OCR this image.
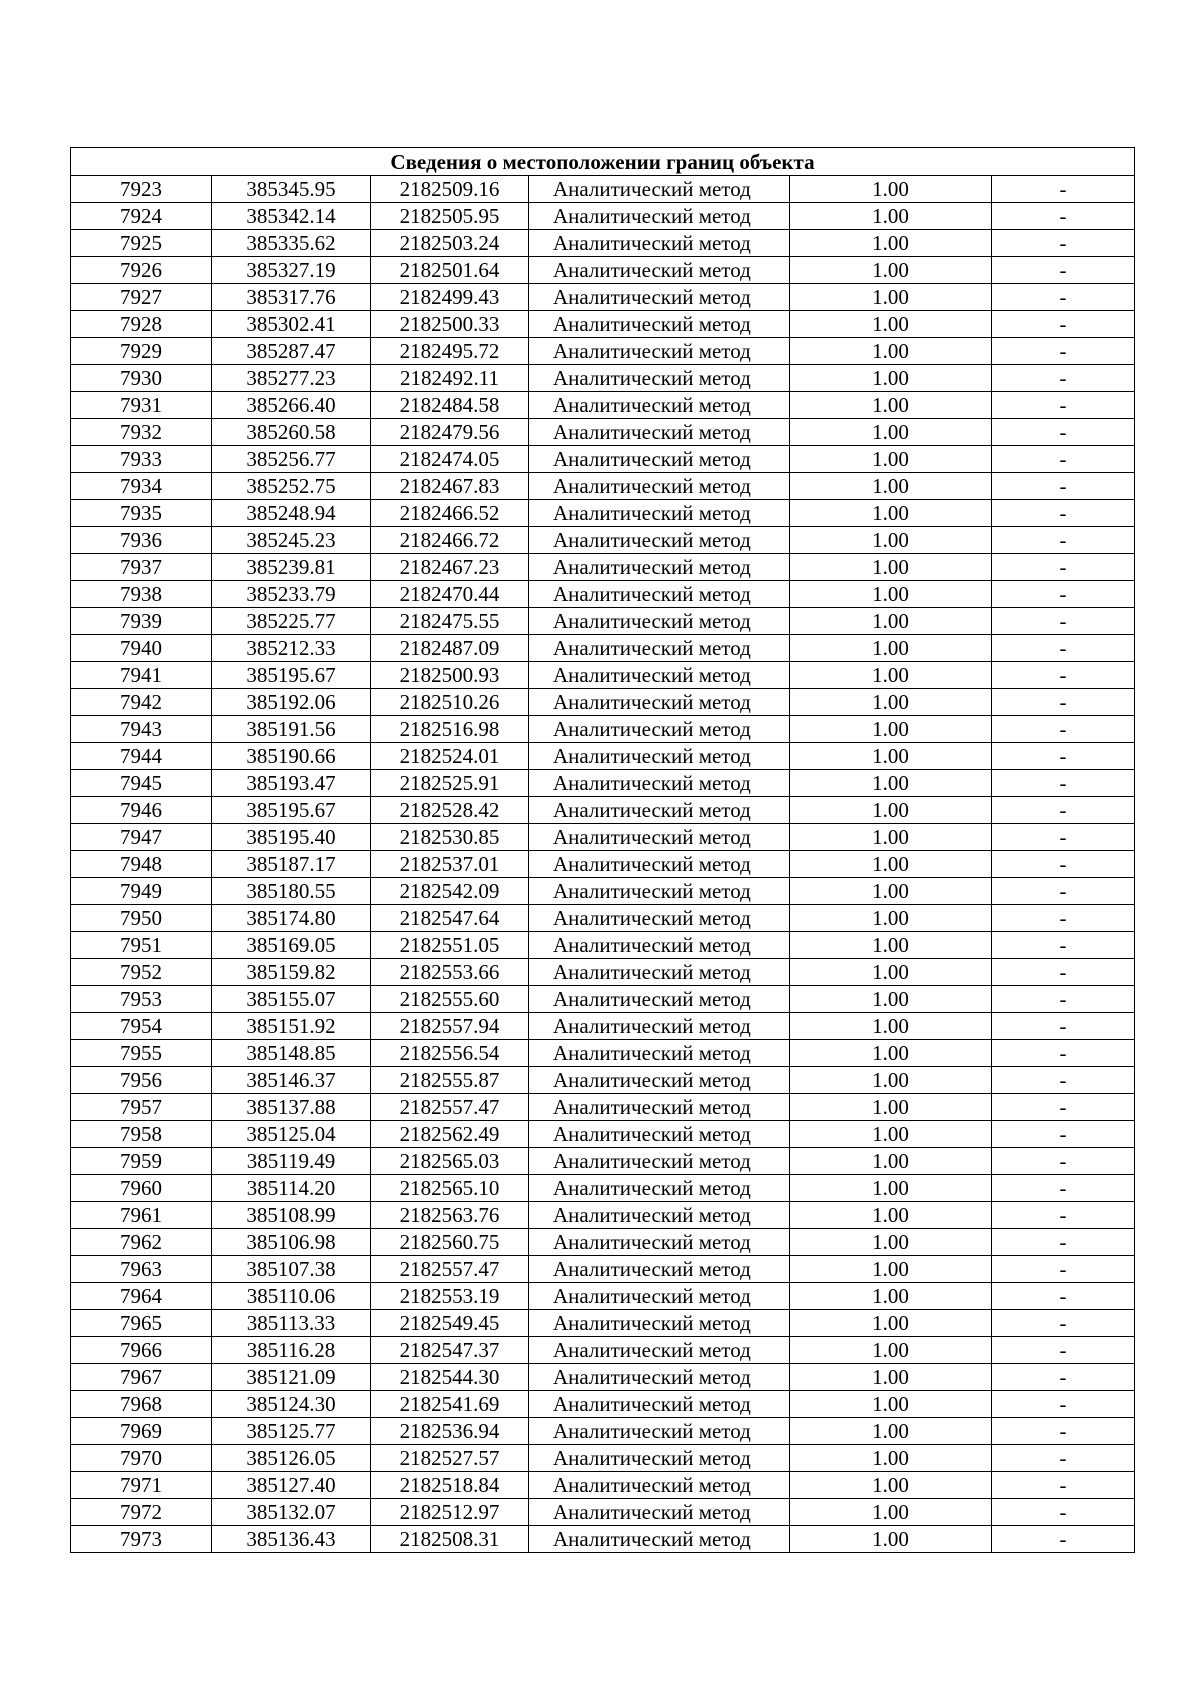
Сведения о местоположении границ объекта					
7923	385345.95	2182509.16	Аналитический метод	1.00	-
7924	385342.14	2182505.95	Аналитический метод	1.00	-
7925	385335.62	2182503.24	Аналитический метод	1.00	-
7926	385327.19	2182501.64	Аналитический метод	1.00	-
7927	385317.76	2182499.43	Аналитический метод	1.00	-
7928	385302.41	2182500.33	Аналитический метод	1.00	-
7929	385287.47	2182495.72	Аналитический метод	1.00	-
7930	385277.23	2182492.11	Аналитический метод	1.00	-
7931	385266.40	2182484.58	Аналитический метод	1.00	-
7932	385260.58	2182479.56	Аналитический метод	1.00	-
7933	385256.77	2182474.05	Аналитический метод	1.00	-
7934	385252.75	2182467.83	Аналитический метод	1.00	-
7935	385248.94	2182466.52	Аналитический метод	1.00	-
7936	385245.23	2182466.72	Аналитический метод	1.00	-
7937	385239.81	2182467.23	Аналитический метод	1.00	-
7938	385233.79	2182470.44	Аналитический метод	1.00	-
7939	385225.77	2182475.55	Аналитический метод	1.00	-
7940	385212.33	2182487.09	Аналитический метод	1.00	-
7941	385195.67	2182500.93	Аналитический метод	1.00	-
7942	385192.06	2182510.26	Аналитический метод	1.00	-
7943	385191.56	2182516.98	Аналитический метод	1.00	-
7944	385190.66	2182524.01	Аналитический метод	1.00	-
7945	385193.47	2182525.91	Аналитический метод	1.00	-
7946	385195.67	2182528.42	Аналитический метод	1.00	-
7947	385195.40	2182530.85	Аналитический метод	1.00	-
7948	385187.17	2182537.01	Аналитический метод	1.00	-
7949	385180.55	2182542.09	Аналитический метод	1.00	-
7950	385174.80	2182547.64	Аналитический метод	1.00	-
7951	385169.05	2182551.05	Аналитический метод	1.00	-
7952	385159.82	2182553.66	Аналитический метод	1.00	-
7953	385155.07	2182555.60	Аналитический метод	1.00	-
7954	385151.92	2182557.94	Аналитический метод	1.00	-
7955	385148.85	2182556.54	Аналитический метод	1.00	-
7956	385146.37	2182555.87	Аналитический метод	1.00	-
7957	385137.88	2182557.47	Аналитический метод	1.00	-
7958	385125.04	2182562.49	Аналитический метод	1.00	-
7959	385119.49	2182565.03	Аналитический метод	1.00	-
7960	385114.20	2182565.10	Аналитический метод	1.00	-
7961	385108.99	2182563.76	Аналитический метод	1.00	-
7962	385106.98	2182560.75	Аналитический метод	1.00	-
7963	385107.38	2182557.47	Аналитический метод	1.00	-
7964	385110.06	2182553.19	Аналитический метод	1.00	-
7965	385113.33	2182549.45	Аналитический метод	1.00	-
7966	385116.28	2182547.37	Аналитический метод	1.00	-
7967	385121.09	2182544.30	Аналитический метод	1.00	-
7968	385124.30	2182541.69	Аналитический метод	1.00	-
7969	385125.77	2182536.94	Аналитический метод	1.00	-
7970	385126.05	2182527.57	Аналитический метод	1.00	-
7971	385127.40	2182518.84	Аналитический метод	1.00	-
7972	385132.07	2182512.97	Аналитический метод	1.00	-
7973	385136.43	2182508.31	Аналитический метод	1.00	-
